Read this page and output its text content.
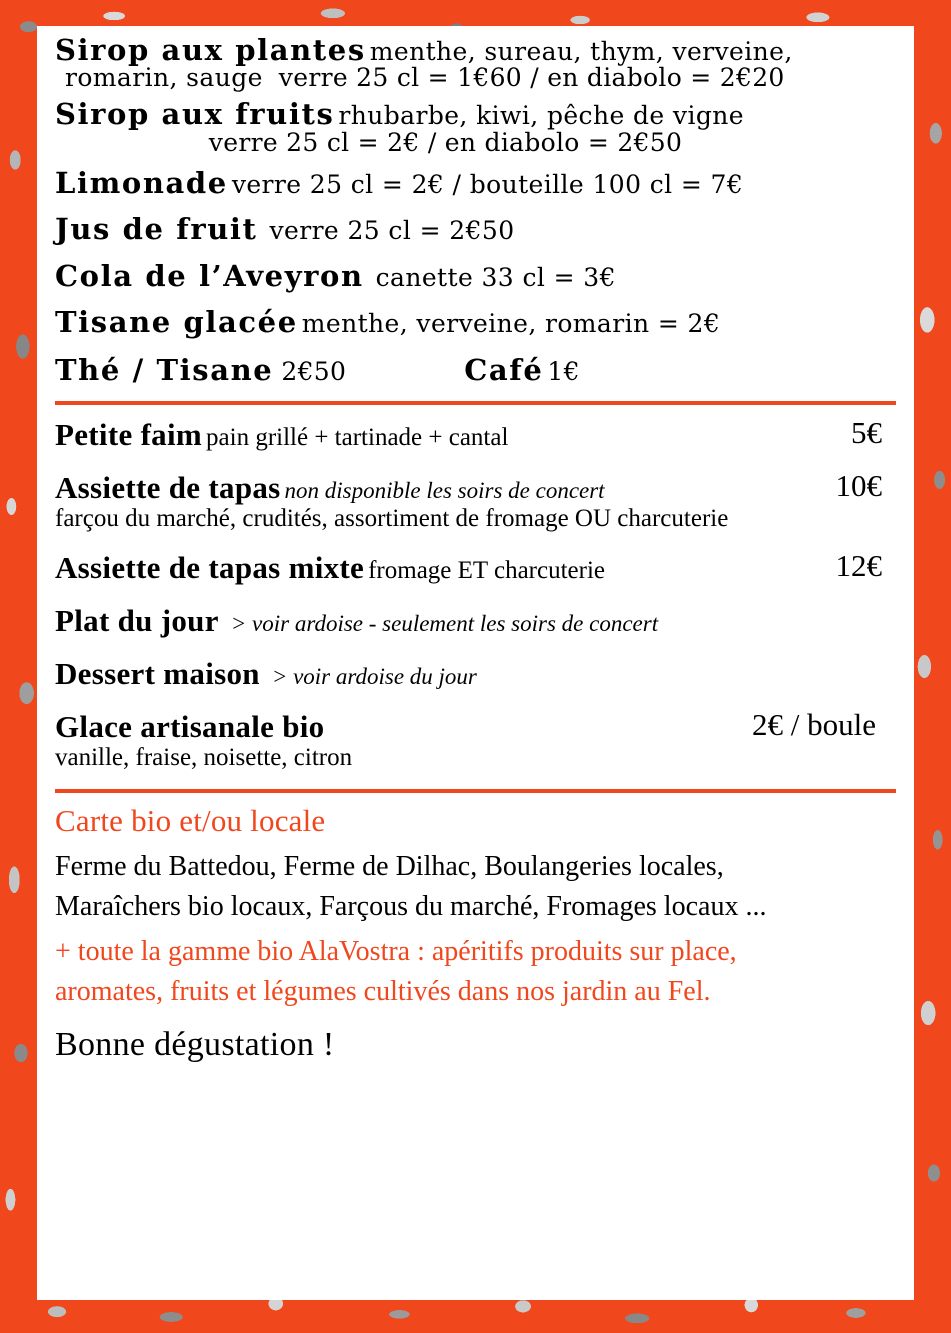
Sirop aux plantes menthe, sureau, thym, verveine,
romarin, sauge verre 25 cl = 1€60 / en diabolo = 2€20
Sirop aux fruits rhubarbe, kiwi, pêche de vigne
verre 25 cl = 2€ / en diabolo = 2€50
Limonade verre 25 cl = 2€ / bouteille 100 cl = 7€
Jus de fruit verre 25 cl = 2€50
Cola de l’Aveyron canette 33 cl = 3€
Tisane glacée menthe, verveine, romarin = 2€
Thé / Tisane
2€50	Café
1€
Petite faim pain grillé + tartinade + cantal	5€
Assiette de tapas non disponible les soirs de concert
farçou du marché, crudités, assortiment de fromage OU charcuterie
10€
Assiette de tapas mixte fromage ET charcuterie	12€
Plat du jour > voir ardoise - seulement les soirs de concert
Dessert maison > voir ardoise du jour
Glace artisanale bio
vanille, fraise, noisette, citron
2€ / boule
Carte bio et/ou locale
Ferme du Battedou, Ferme de Dilhac, Boulangeries locales,
Maraîchers bio locaux, Farçous du marché, Fromages locaux ...
+ toute la gamme bio AlaVostra : apéritifs produits sur place,
aromates, fruits et légumes cultivés dans nos jardin au Fel.
Bonne dégustation !
